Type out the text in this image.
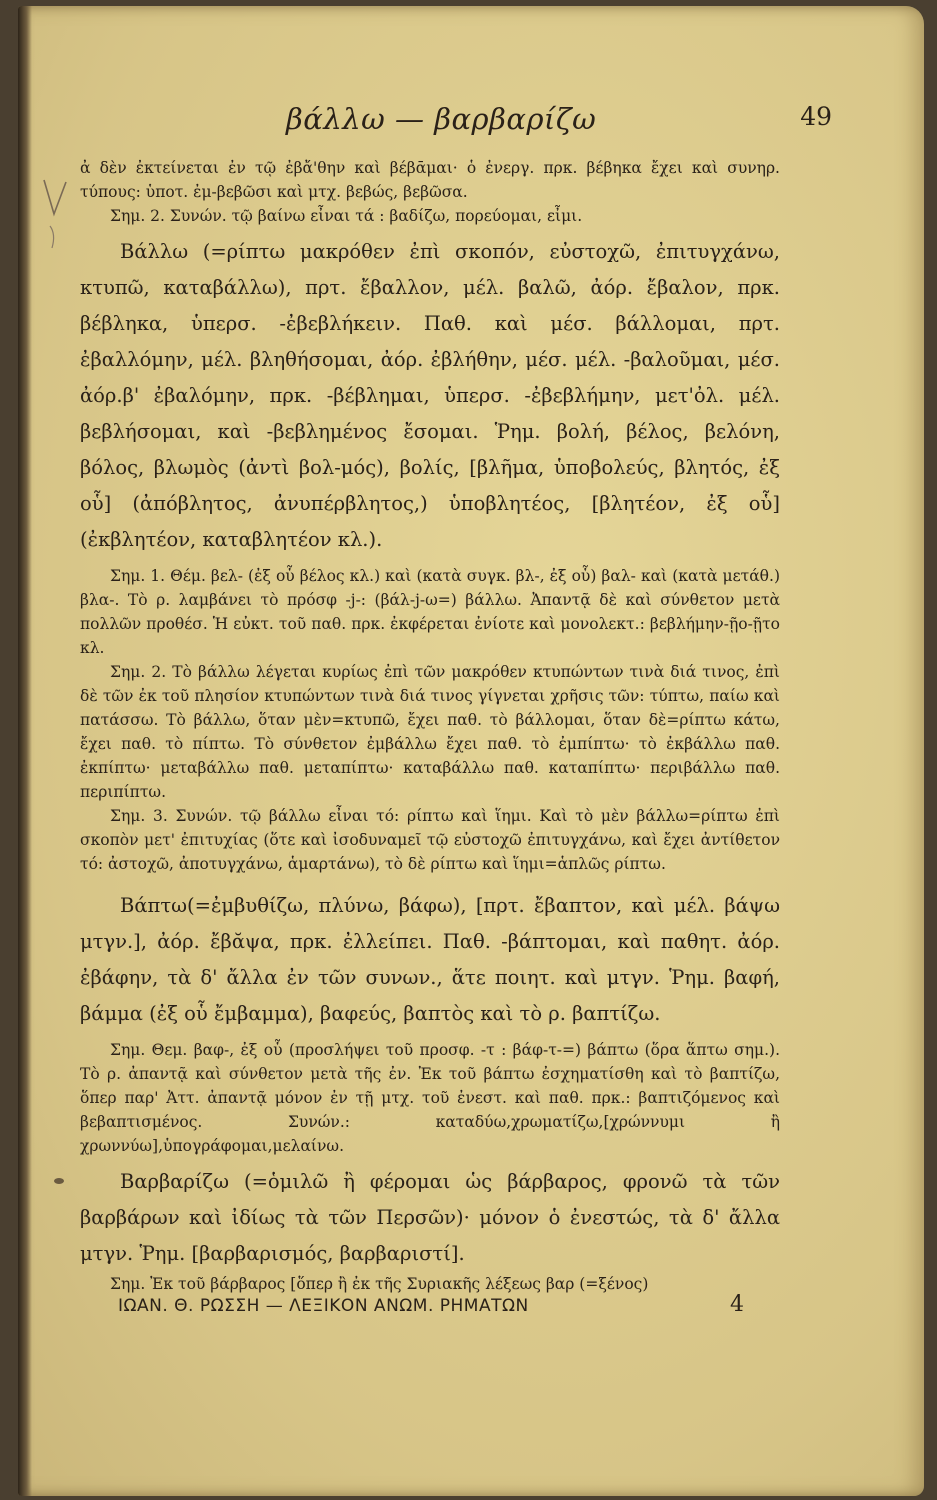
βάλλω — βαρβαρίζω	49

ἀ δὲν ἐκτείνεται ἐν τῷ ἐβἄ'θην καὶ βέβᾱμαι· ὁ ἐνεργ. πρκ. βέβηκα ἔχει καὶ συνηρ. τύπους: ὑποτ. ἐμ-βεβῶσι καὶ μτχ. βεβώς, βεβῶσα.

Σημ. 2. Συνών. τῷ βαίνω εἶναι τά : βαδίζω, πορεύομαι, εἶμι.

Βάλλω (=ρίπτω μακρόθεν ἐπὶ σκοπόν, εὐστοχῶ, ἐπιτυγχάνω, κτυπῶ, καταβάλλω), πρτ. ἔβαλλον, μέλ. βαλῶ, ἀόρ. ἔβαλον, πρκ. βέβληκα, ὑπερσ. -ἐβεβλήκειν. Παθ. καὶ μέσ. βάλλομαι, πρτ. ἐβαλλόμην, μέλ. βληθήσομαι, ἀόρ. ἐβλήθην, μέσ. μέλ. -βαλοῦμαι, μέσ. ἀόρ.β' ἐβαλόμην, πρκ. -βέβλημαι, ὑπερσ. -ἐβεβλήμην, μετ'ὀλ. μέλ. βεβλήσομαι, καὶ -βεβλημένος ἔσομαι. Ῥημ. βολή, βέλος, βελόνη, βόλος, βλωμὸς (ἀντὶ βολ-μός), βολίς, [βλῆμα, ὑποβολεύς, βλητός, ἐξ οὗ] (ἀπόβλητος, ἀνυπέρβλητος,) ὑποβλητέος, [βλητέον, ἐξ οὗ] (ἐκβλητέον, καταβλητέον κλ.).

Σημ. 1. Θέμ. βελ- (ἐξ οὗ βέλος κλ.) καὶ (κατὰ συγκ. βλ-, ἐξ οὗ) βαλ- καὶ (κατὰ μετάθ.) βλα-. Τὸ ρ. λαμβάνει τὸ πρόσφ -j-: (βάλ-j-ω=) βάλλω. Ἀπαντᾷ δὲ καὶ σύνθετον μετὰ πολλῶν προθέσ. Ἡ εὐκτ. τοῦ παθ. πρκ. ἐκφέρεται ἐνίοτε καὶ μονολεκτ.: βεβλήμην-ῇο-ῇτο κλ.

Σημ. 2. Τὸ βάλλω λέγεται κυρίως ἐπὶ τῶν μακρόθεν κτυπώντων τινὰ διά τινος, ἐπὶ δὲ τῶν ἐκ τοῦ πλησίον κτυπώντων τινὰ διά τινος γίγνεται χρῆσις τῶν: τύπτω, παίω καὶ πατάσσω. Τὸ βάλλω, ὅταν μὲν=κτυπῶ, ἔχει παθ. τὸ βάλλομαι, ὅταν δὲ=ρίπτω κάτω, ἔχει παθ. τὸ πίπτω. Τὸ σύνθετον ἐμβάλλω ἔχει παθ. τὸ ἐμπίπτω· τὸ ἐκβάλλω παθ. ἐκπίπτω· μεταβάλλω παθ. μεταπίπτω· καταβάλλω παθ. καταπίπτω· περιβάλλω παθ. περιπίπτω.

Σημ. 3. Συνών. τῷ βάλλω εἶναι τό: ρίπτω καὶ ἵημι. Καὶ τὸ μὲν βάλλω=ρίπτω ἐπὶ σκοπὸν μετ' ἐπιτυχίας (ὅτε καὶ ἰσοδυναμεῖ τῷ εὐστοχῶ ἐπιτυγχάνω, καὶ ἔχει ἀντίθετον τό: ἀστοχῶ, ἀποτυγχάνω, ἁμαρτάνω), τὸ δὲ ρίπτω καὶ ἵημι=ἁπλῶς ρίπτω.

Βάπτω(=ἐμβυθίζω, πλύνω, βάφω), [πρτ. ἔβαπτον, καὶ μέλ. βάψω μτγν.], ἀόρ. ἔβᾰψα, πρκ. ἐλλείπει. Παθ. -βάπτομαι, καὶ παθητ. ἀόρ. ἐβάφην, τὰ δ' ἄλλα ἐν τῶν συνων., ἅτε ποιητ. καὶ μτγν. Ῥημ. βαφή, βάμμα (ἐξ οὗ ἔμβαμμα), βαφεύς, βαπτὸς καὶ τὸ ρ. βαπτίζω.

Σημ. Θεμ. βαφ-, ἐξ οὗ (προσλήψει τοῦ προσφ. -τ : βάφ-τ-=) βάπτω (ὅρα ἅπτω σημ.). Τὸ ρ. ἀπαντᾷ καὶ σύνθετον μετὰ τῆς ἐν. Ἐκ τοῦ βάπτω ἐσχηματίσθη καὶ τὸ βαπτίζω, ὅπερ παρ' Ἀττ. ἀπαντᾷ μόνον ἐν τῇ μτχ. τοῦ ἐνεστ. καὶ παθ. πρκ.: βαπτιζόμενος καὶ βεβαπτισμένος. Συνών.: καταδύω,χρωματίζω,[χρώννυμι ἢ χρωννύω],ὑπογράφομαι,μελαίνω.

Βαρβαρίζω (=ὁμιλῶ ἢ φέρομαι ὡς βάρβαρος, φρονῶ τὰ τῶν βαρβάρων καὶ ἰδίως τὰ τῶν Περσῶν)· μόνον ὁ ἐνεστώς, τὰ δ' ἄλλα μτγν. Ῥημ. [βαρβαρισμός, βαρβαριστί].

Σημ. Ἐκ τοῦ βάρβαρος [ὅπερ ἢ ἐκ τῆς Συριακῆς λέξεως βαρ (=ξένος)

ΙΩΑΝ. Θ. ΡΩΣΣΗ — ΛΕΞΙΚΟΝ ΑΝΩΜ. ΡΗΜΑΤΩΝ	4
